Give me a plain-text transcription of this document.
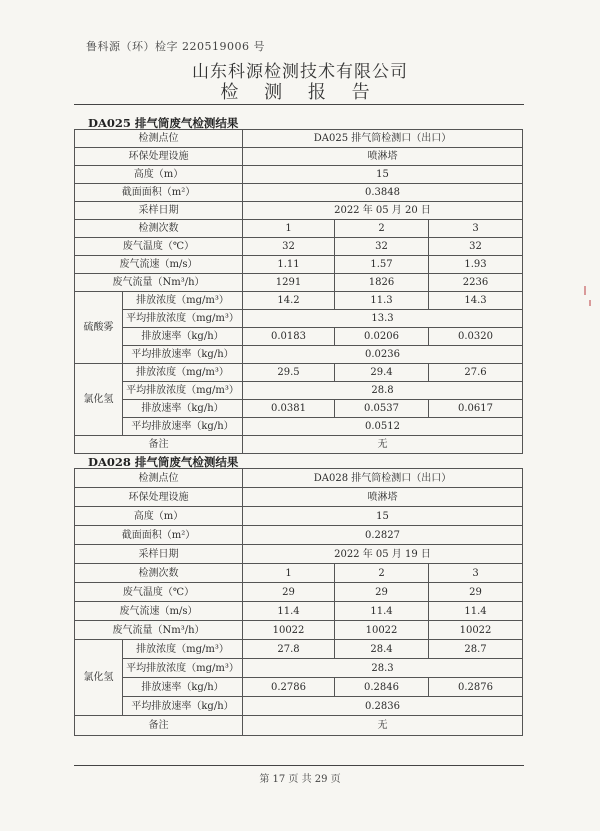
鲁科源（环）检字 220519006 号
山东科源检测技术有限公司
检 测 报 告
DA025 排气筒废气检测结果
检测点位		DA025 排气筒检测口（出口）		
环保处理设施		喷淋塔		
高度（m）		15		
截面面积（m²）		0.3848		
采样日期		2022 年 05 月 20 日		
检测次数		1	2	3
废气温度（℃）		32	32	32
废气流速（m/s）		1.11	1.57	1.93
废气流量（Nm³/h）		1291	1826	2236
硫酸雾	排放浓度（mg/m³）	14.2	11.3	14.3
	平均排放浓度（mg/m³）	13.3		
	排放速率（kg/h）	0.0183	0.0206	0.0320
	平均排放速率（kg/h）	0.0236		
氯化氢	排放浓度（mg/m³）	29.5	29.4	27.6
	平均排放浓度（mg/m³）	28.8		
	排放速率（kg/h）	0.0381	0.0537	0.0617
	平均排放速率（kg/h）	0.0512		
备注		无		
DA028 排气筒废气检测结果
检测点位		DA028 排气筒检测口（出口）		
环保处理设施		喷淋塔		
高度（m）		15		
截面面积（m²）		0.2827		
采样日期		2022 年 05 月 19 日		
检测次数		1	2	3
废气温度（℃）		29	29	29
废气流速（m/s）		11.4	11.4	11.4
废气流量（Nm³/h）		10022	10022	10022
氯化氢	排放浓度（mg/m³）	27.8	28.4	28.7
	平均排放浓度（mg/m³）	28.3		
	排放速率（kg/h）	0.2786	0.2846	0.2876
	平均排放速率（kg/h）	0.2836		
备注		无		
第 17 页 共 29 页
